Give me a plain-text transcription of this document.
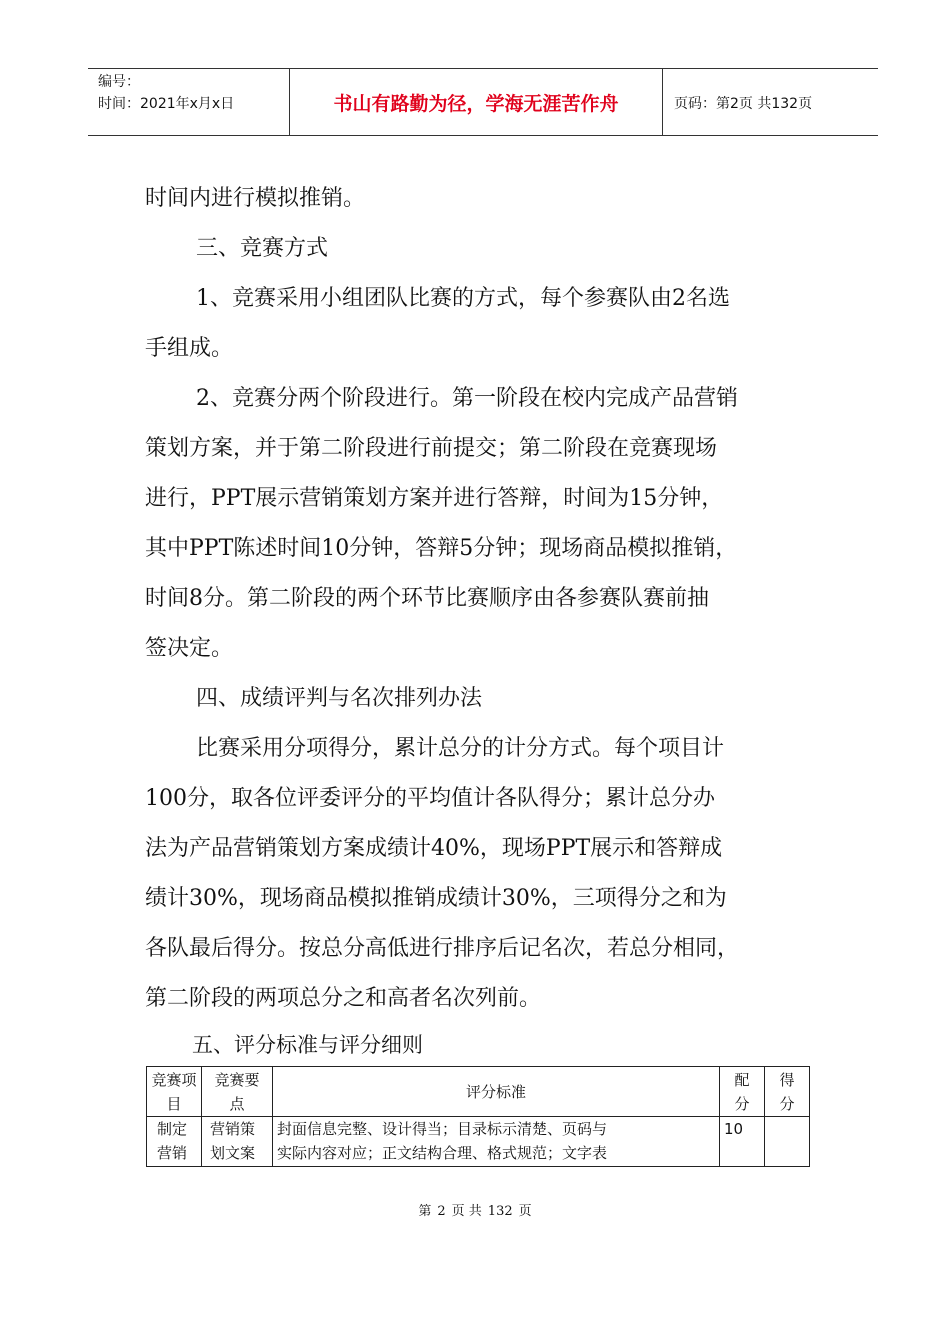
编号：
时间：2021年x月x日	书山有路勤为径，学海无涯苦作舟	页码：第2页 共132页
时间内进行模拟推销。
三、竞赛方式
1、竞赛采用小组团队比赛的方式，每个参赛队由2名选
手组成。
2、竞赛分两个阶段进行。第一阶段在校内完成产品营销
策划方案，并于第二阶段进行前提交；第二阶段在竞赛现场
进行，PPT展示营销策划方案并进行答辩，时间为15分钟，
其中PPT陈述时间10分钟，答辩5分钟；现场商品模拟推销，
时间8分。第二阶段的两个环节比赛顺序由各参赛队赛前抽
签决定。
四、成绩评判与名次排列办法
比赛采用分项得分，累计总分的计分方式。每个项目计
100分，取各位评委评分的平均值计各队得分；累计总分办
法为产品营销策划方案成绩计40%，现场PPT展示和答辩成
绩计30%，现场商品模拟推销成绩计30%，三项得分之和为
各队最后得分。按总分高低进行排序后记名次，若总分相同，
第二阶段的两项总分之和高者名次列前。
五、评分标准与评分细则
竞赛项目	竞赛要点	评分标准	配分	得分

制定营销	营销策划文案	封面信息完整、设计得当；目录标示清楚、页码与
实际内容对应；正文结构合理、格式规范；文字表	10	
第 2 页 共 132 页
